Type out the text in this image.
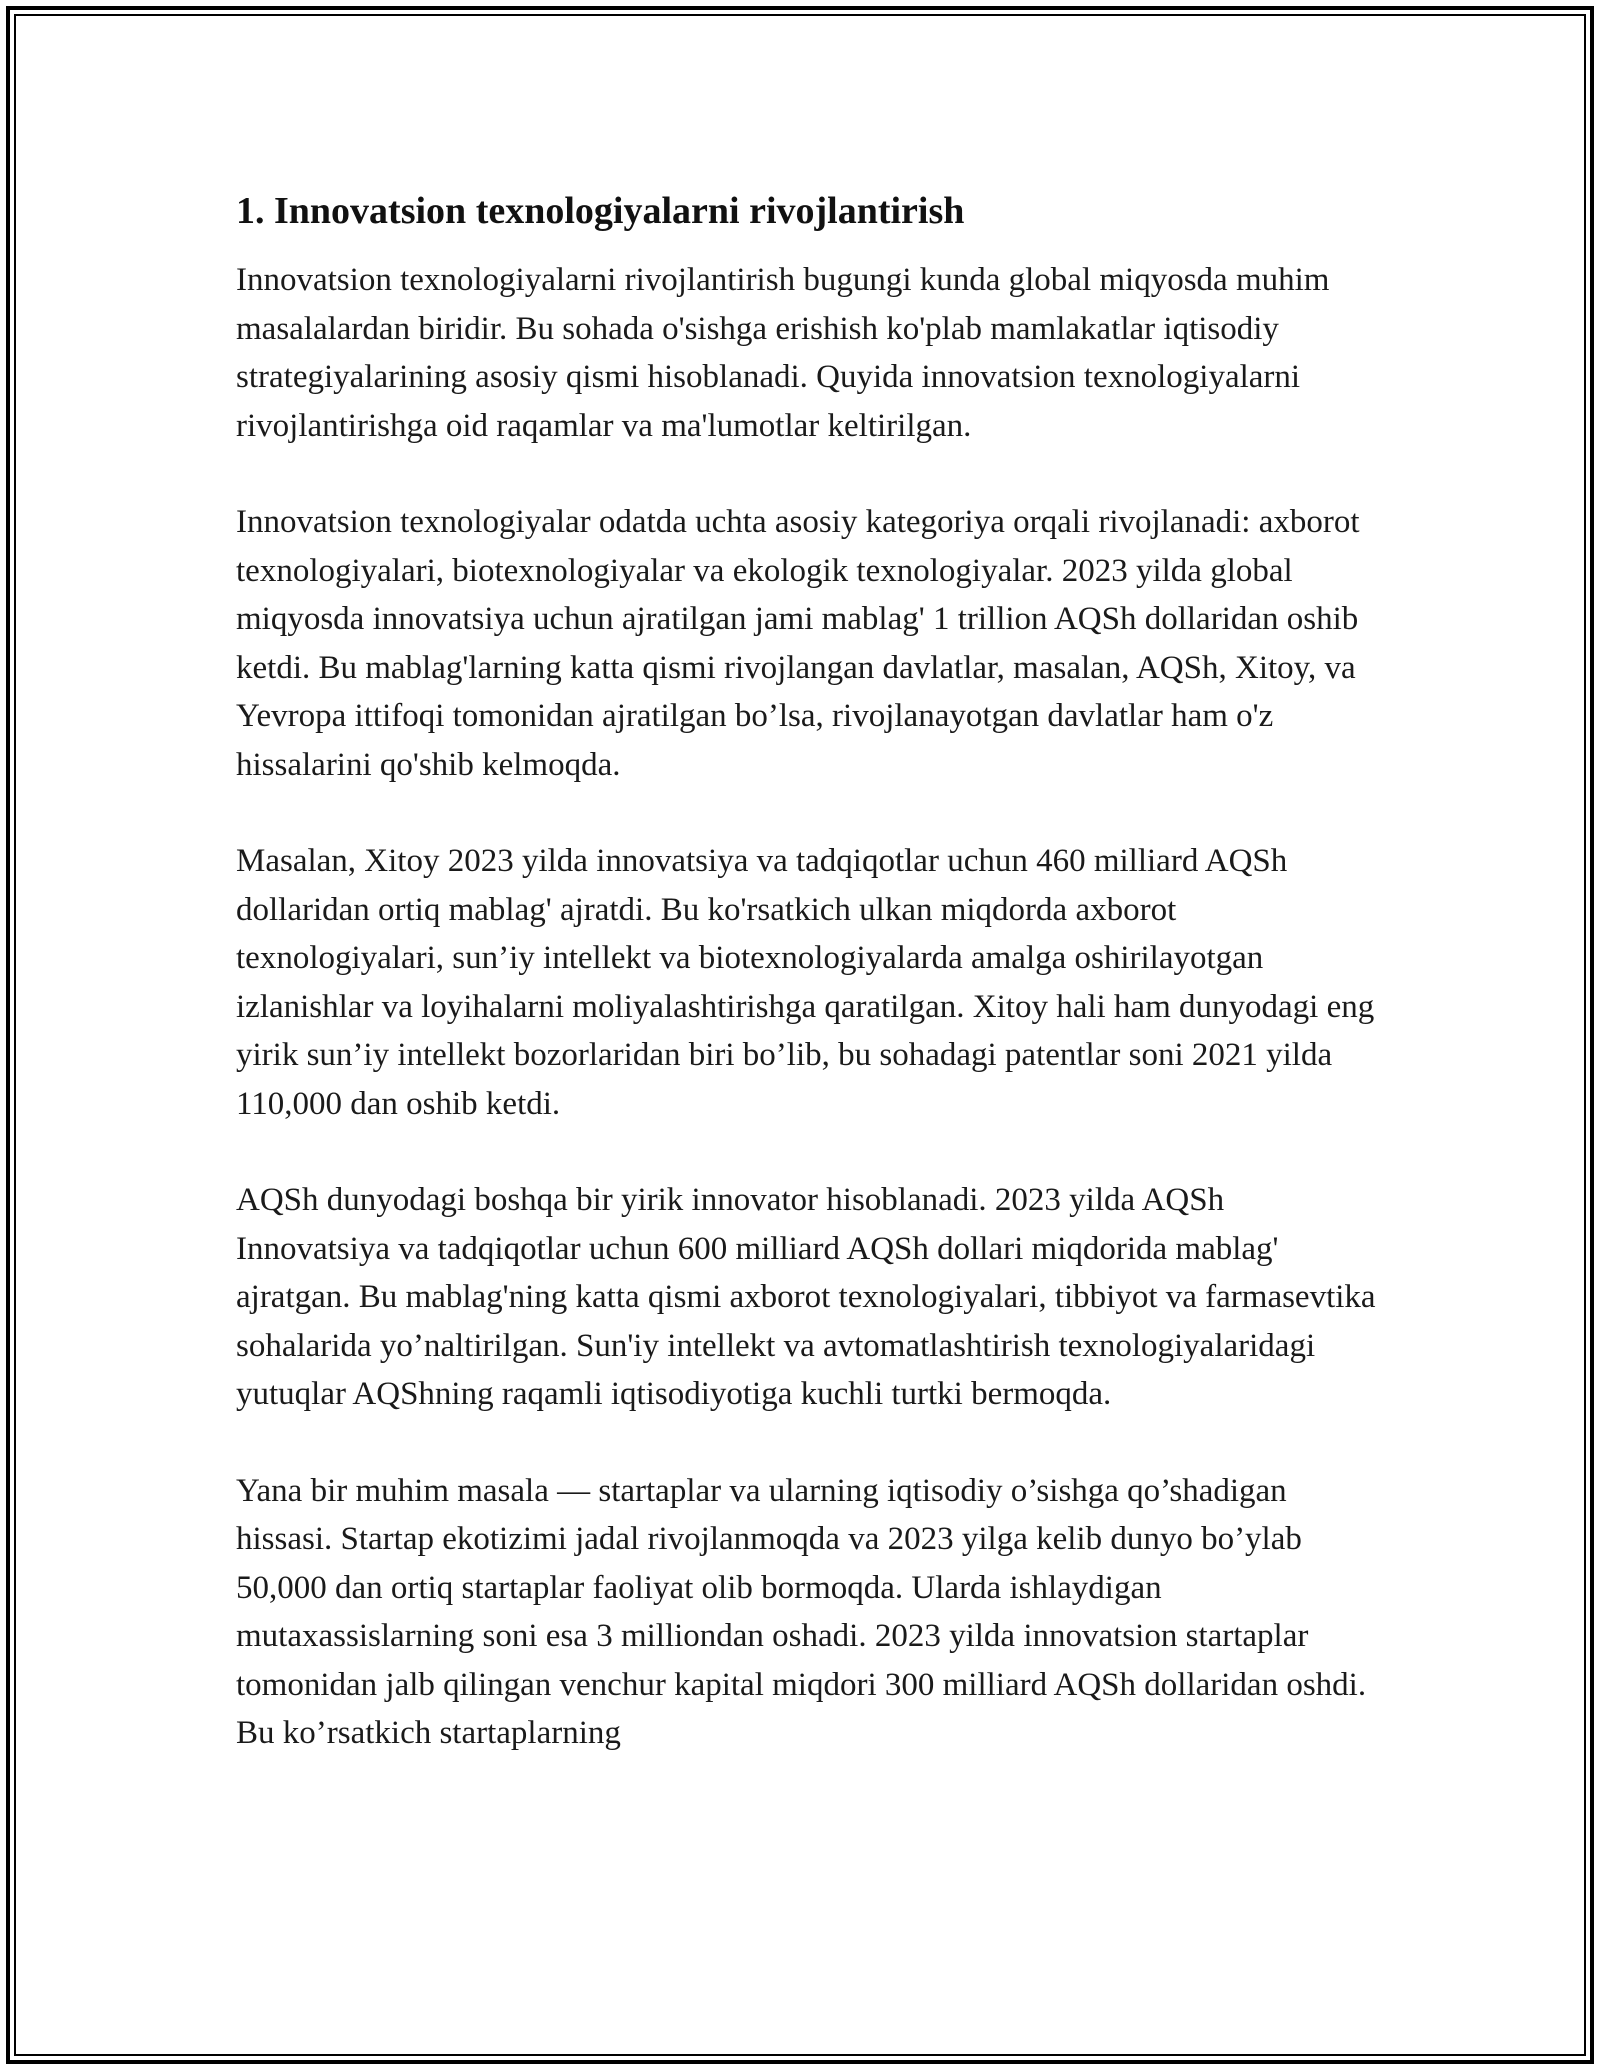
1. Innovatsion texnologiyalarni rivojlantirish

Innovatsion texnologiyalarni rivojlantirish bugungi kunda global miqyosda muhim masalalardan biridir. Bu sohada o'sishga erishish ko'plab mamlakatlar iqtisodiy strategiyalarining asosiy qismi hisoblanadi. Quyida innovatsion texnologiyalarni rivojlantirishga oid raqamlar va ma'lumotlar keltirilgan.

Innovatsion texnologiyalar odatda uchta asosiy kategoriya orqali rivojlanadi: axborot texnologiyalari, biotexnologiyalar va ekologik texnologiyalar. 2023 yilda global miqyosda innovatsiya uchun ajratilgan jami mablag' 1 trillion AQSh dollaridan oshib ketdi. Bu mablag'larning katta qismi rivojlangan davlatlar, masalan, AQSh, Xitoy, va Yevropa ittifoqi tomonidan ajratilgan bo’lsa, rivojlanayotgan davlatlar ham o'z hissalarini qo'shib kelmoqda.

Masalan, Xitoy 2023 yilda innovatsiya va tadqiqotlar uchun 460 milliard AQSh dollaridan ortiq mablag' ajratdi. Bu ko'rsatkich ulkan miqdorda axborot texnologiyalari, sun’iy intellekt va biotexnologiyalarda amalga oshirilayotgan izlanishlar va loyihalarni moliyalashtirishga qaratilgan. Xitoy hali ham dunyodagi eng yirik sun’iy intellekt bozorlaridan biri bo’lib, bu sohadagi patentlar soni 2021 yilda 110,000 dan oshib ketdi.

AQSh dunyodagi boshqa bir yirik innovator hisoblanadi. 2023 yilda AQSh Innovatsiya va tadqiqotlar uchun 600 milliard AQSh dollari miqdorida mablag' ajratgan. Bu mablag'ning katta qismi axborot texnologiyalari, tibbiyot va farmasevtika sohalarida yo’naltirilgan. Sun'iy intellekt va avtomatlashtirish texnologiyalaridagi yutuqlar AQShning raqamli iqtisodiyotiga kuchli turtki bermoqda.

Yana bir muhim masala — startaplar va ularning iqtisodiy o’sishga qo’shadigan hissasi. Startap ekotizimi jadal rivojlanmoqda va 2023 yilga kelib dunyo bo’ylab 50,000 dan ortiq startaplar faoliyat olib bormoqda. Ularda ishlaydigan mutaxassislarning soni esa 3 milliondan oshadi. 2023 yilda innovatsion startaplar tomonidan jalb qilingan venchur kapital miqdori 300 milliard AQSh dollaridan oshdi. Bu ko’rsatkich startaplarning
